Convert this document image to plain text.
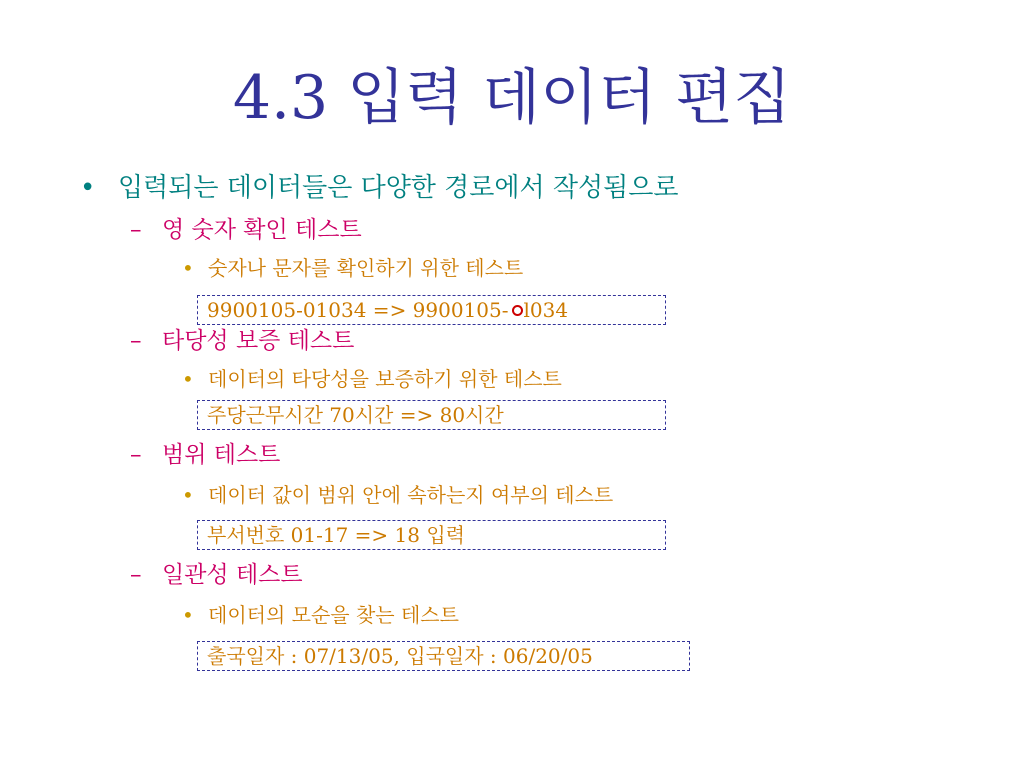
4.3 입력 데이터 편집
• 입력되는 데이터들은 다양한 경로에서 작성됨으로
– 영 숫자 확인 테스트
• 숫자나 문자를 확인하기 위한 테스트
9900105-01034 => 9900105- ○l034
– 타당성 보증 테스트
• 데이터의 타당성을 보증하기 위한 테스트
주당근무시간 70시간 => 80시간
– 범위 테스트
• 데이터 값이 범위 안에 속하는지 여부의 테스트
부서번호 01-17 => 18 입력
– 일관성 테스트
• 데이터의 모순을 찾는 테스트
출국일자 : 07/13/05, 입국일자 : 06/20/05
